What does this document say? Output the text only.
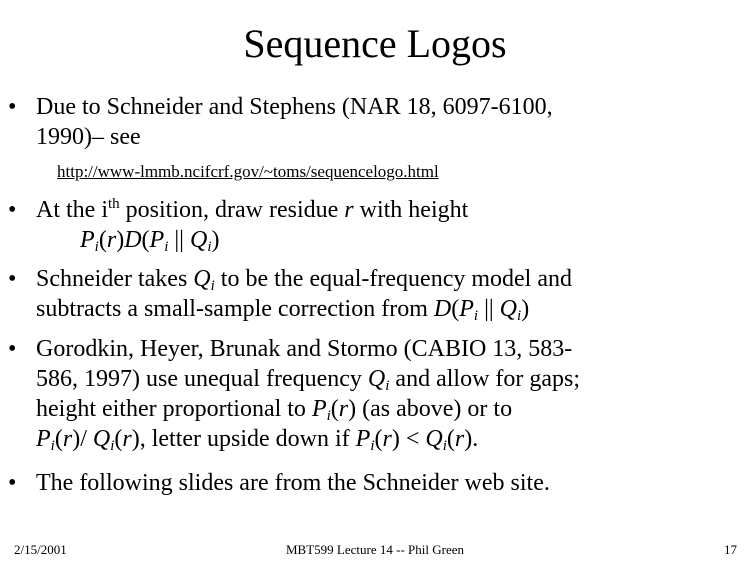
Sequence Logos
• Due to Schneider and Stephens (NAR 18, 6097-6100,
1990)– see
http://www-lmmb.ncifcrf.gov/~toms/sequencelogo.html
• At the $i^{th}$ position, draw residue r with height
$P_i(r)D(P_i$ || $Q_i$)
• Schneider takes $Q_i$ to be the equal-frequency model and
subtracts a small-sample correction from $D(P_i$ || $Q_i$)
• Gorodkin, Heyer, Brunak and Stormo (CABIO 13, 583-
586, 1997) use unequal frequency $Q_i$ and allow for gaps;
height either proportional to $P_i(r)$ (as above) or to
$P_i(r)/$ $Q_i(r)$, letter upside down if $P_i(r) < Q_i(r)$.
• The following slides are from the Schneider web site.
2/15/2001	MBT599 Lecture 14 -- Phil Green	17
